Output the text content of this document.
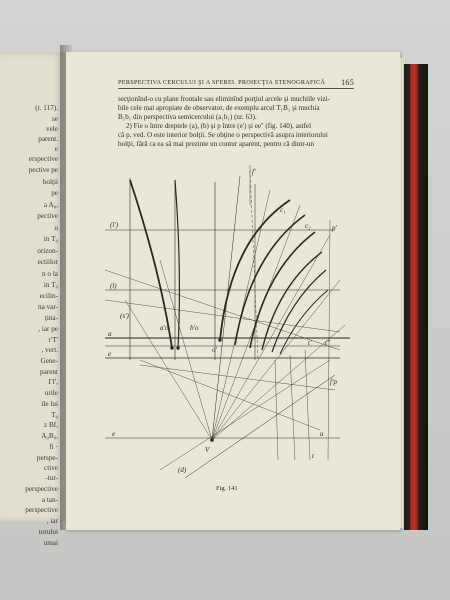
(r. 117).
se
vele
parent.
e
erspective
pective pe
bolţii
pe
a A₀,
pective
u
in T₀
orizon-
ectiilor
n o la
in T₀
ecilin-
na var-
ţina-
, iar pe
τ'T'
, vert.
Gene-
parent
Γf',
urile
ile lui
T₀
z Bf,
A₀B₀,
fi ·
perspe-
ctive
-tur-
perspective
a tan-
perspective
, iar
torului
umai
PERSPECTIVA CERCULUI ŞI A SFEREI. PROIECŢIA STENOGRAFICĂ 165
secţionînd-o cu plane frontale sau eliminînd porţiul arcele şi muchiile vizi-
bile cele mai apropiate de observator, de exemplu arcul T₁B₁ şi muchia
B₁b₁ din perspectiva semicercului (a₁b₁) (nr. 63).
2) Fie o între dreptele (a), (b) şi p între (e') şi ee'' (fig. 140), astfel
că p. ved. O este interior bolţii. Se obţine o perspectivă asupra interiorului
bolţii, fără ca ea să mai prezinte un contur aparent, pentru că dintr-un
(l')
(l)
a
e
e
(s')
f'
a'o	b'o
t' t''
c₁
c₂	p'
o'
V
u
t
f'p
(d)
Fig. 141
